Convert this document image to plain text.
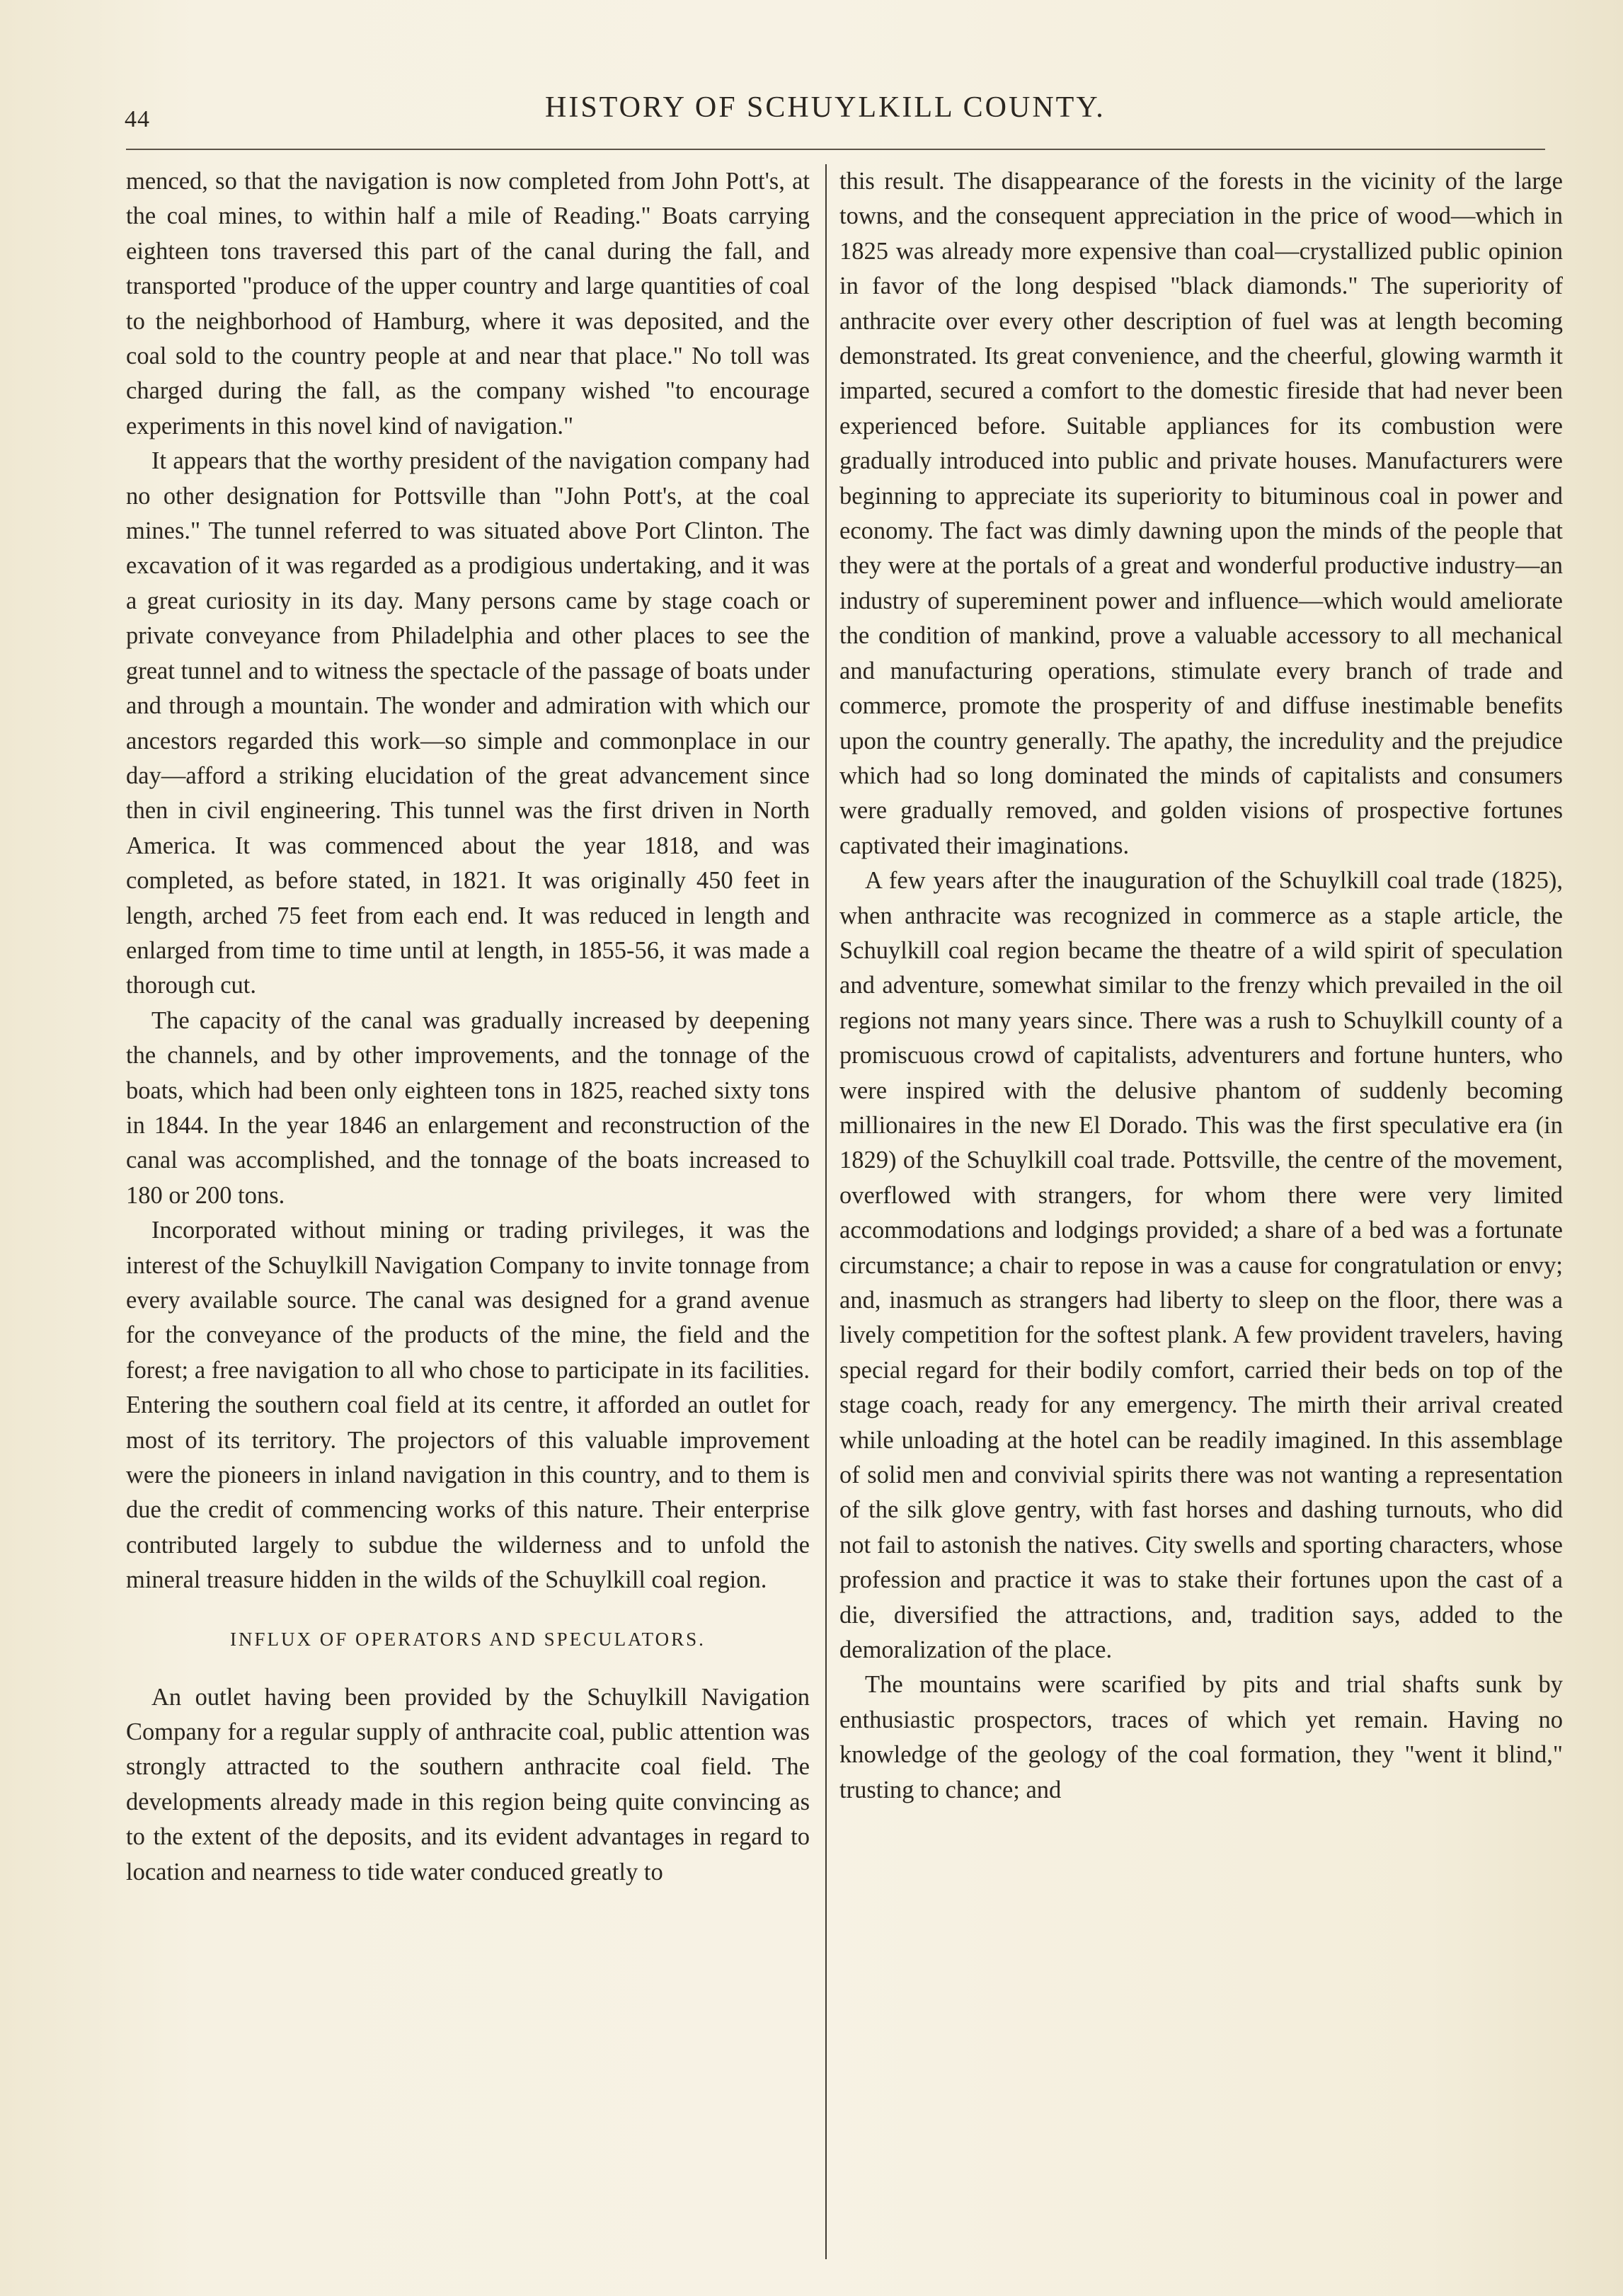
44	HISTORY OF SCHUYLKILL COUNTY.

menced, so that the navigation is now completed from John Pott's, at the coal mines, to within half a mile of Reading." Boats carrying eighteen tons traversed this part of the canal during the fall, and transported "produce of the upper country and large quantities of coal to the neighborhood of Hamburg, where it was deposited, and the coal sold to the country people at and near that place." No toll was charged during the fall, as the company wished "to encourage experiments in this novel kind of navigation."

It appears that the worthy president of the navigation company had no other designation for Pottsville than "John Pott's, at the coal mines." The tunnel referred to was situated above Port Clinton. The excavation of it was regarded as a prodigious undertaking, and it was a great curiosity in its day. Many persons came by stage coach or private conveyance from Philadelphia and other places to see the great tunnel and to witness the spectacle of the passage of boats under and through a mountain. The wonder and admiration with which our ancestors regarded this work—so simple and commonplace in our day—afford a striking elucidation of the great advancement since then in civil engineering. This tunnel was the first driven in North America. It was commenced about the year 1818, and was completed, as before stated, in 1821. It was originally 450 feet in length, arched 75 feet from each end. It was reduced in length and enlarged from time to time until at length, in 1855-56, it was made a thorough cut.

The capacity of the canal was gradually increased by deepening the channels, and by other improvements, and the tonnage of the boats, which had been only eighteen tons in 1825, reached sixty tons in 1844. In the year 1846 an enlargement and reconstruction of the canal was accomplished, and the tonnage of the boats increased to 180 or 200 tons.

Incorporated without mining or trading privileges, it was the interest of the Schuylkill Navigation Company to invite tonnage from every available source. The canal was designed for a grand avenue for the conveyance of the products of the mine, the field and the forest; a free navigation to all who chose to participate in its facilities. Entering the southern coal field at its centre, it afforded an outlet for most of its territory. The projectors of this valuable improvement were the pioneers in inland navigation in this country, and to them is due the credit of commencing works of this nature. Their enterprise contributed largely to subdue the wilderness and to unfold the mineral treasure hidden in the wilds of the Schuylkill coal region.

INFLUX OF OPERATORS AND SPECULATORS.

An outlet having been provided by the Schuylkill Navigation Company for a regular supply of anthracite coal, public attention was strongly attracted to the southern anthracite coal field. The developments already made in this region being quite convincing as to the extent of the deposits, and its evident advantages in regard to location and nearness to tide water conduced greatly to

this result. The disappearance of the forests in the vicinity of the large towns, and the consequent appreciation in the price of wood—which in 1825 was already more expensive than coal—crystallized public opinion in favor of the long despised "black diamonds." The superiority of anthracite over every other description of fuel was at length becoming demonstrated. Its great convenience, and the cheerful, glowing warmth it imparted, secured a comfort to the domestic fireside that had never been experienced before. Suitable appliances for its combustion were gradually introduced into public and private houses. Manufacturers were beginning to appreciate its superiority to bituminous coal in power and economy. The fact was dimly dawning upon the minds of the people that they were at the portals of a great and wonderful productive industry—an industry of supereminent power and influence—which would ameliorate the condition of mankind, prove a valuable accessory to all mechanical and manufacturing operations, stimulate every branch of trade and commerce, promote the prosperity of and diffuse inestimable benefits upon the country generally. The apathy, the incredulity and the prejudice which had so long dominated the minds of capitalists and consumers were gradually removed, and golden visions of prospective fortunes captivated their imaginations.

A few years after the inauguration of the Schuylkill coal trade (1825), when anthracite was recognized in commerce as a staple article, the Schuylkill coal region became the theatre of a wild spirit of speculation and adventure, somewhat similar to the frenzy which prevailed in the oil regions not many years since. There was a rush to Schuylkill county of a promiscuous crowd of capitalists, adventurers and fortune hunters, who were inspired with the delusive phantom of suddenly becoming millionaires in the new El Dorado. This was the first speculative era (in 1829) of the Schuylkill coal trade. Pottsville, the centre of the movement, overflowed with strangers, for whom there were very limited accommodations and lodgings provided; a share of a bed was a fortunate circumstance; a chair to repose in was a cause for congratulation or envy; and, inasmuch as strangers had liberty to sleep on the floor, there was a lively competition for the softest plank. A few provident travelers, having special regard for their bodily comfort, carried their beds on top of the stage coach, ready for any emergency. The mirth their arrival created while unloading at the hotel can be readily imagined. In this assemblage of solid men and convivial spirits there was not wanting a representation of the silk glove gentry, with fast horses and dashing turnouts, who did not fail to astonish the natives. City swells and sporting characters, whose profession and practice it was to stake their fortunes upon the cast of a die, diversified the attractions, and, tradition says, added to the demoralization of the place.

The mountains were scarified by pits and trial shafts sunk by enthusiastic prospectors, traces of which yet remain. Having no knowledge of the geology of the coal formation, they "went it blind," trusting to chance; and
